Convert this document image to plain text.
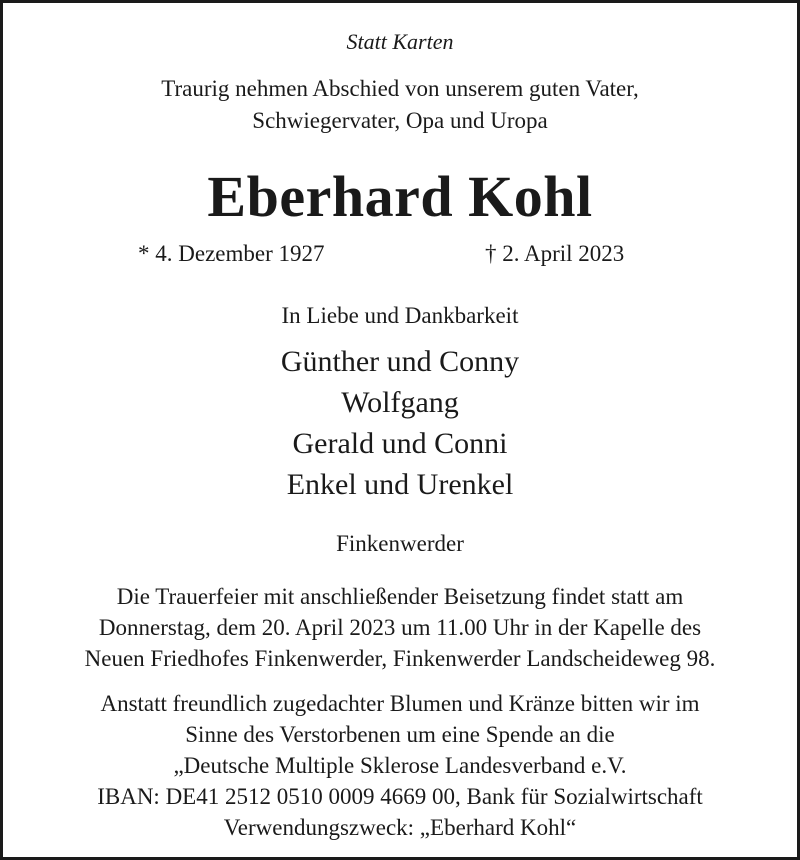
Statt Karten
Traurig nehmen Abschied von unserem guten Vater,
Schwiegervater, Opa und Uropa
Eberhard Kohl
* 4. Dezember 1927	† 2. April 2023
In Liebe und Dankbarkeit
Günther und Conny
Wolfgang
Gerald und Conni
Enkel und Urenkel
Finkenwerder
Die Trauerfeier mit anschließender Beisetzung findet statt am
Donnerstag, dem 20. April 2023 um 11.00 Uhr in der Kapelle des
Neuen Friedhofes Finkenwerder, Finkenwerder Landscheideweg 98.
Anstatt freundlich zugedachter Blumen und Kränze bitten wir im
Sinne des Verstorbenen um eine Spende an die
„Deutsche Multiple Sklerose Landesverband e.V.
IBAN: DE41 2512 0510 0009 4669 00, Bank für Sozialwirtschaft
Verwendungszweck: „Eberhard Kohl“
